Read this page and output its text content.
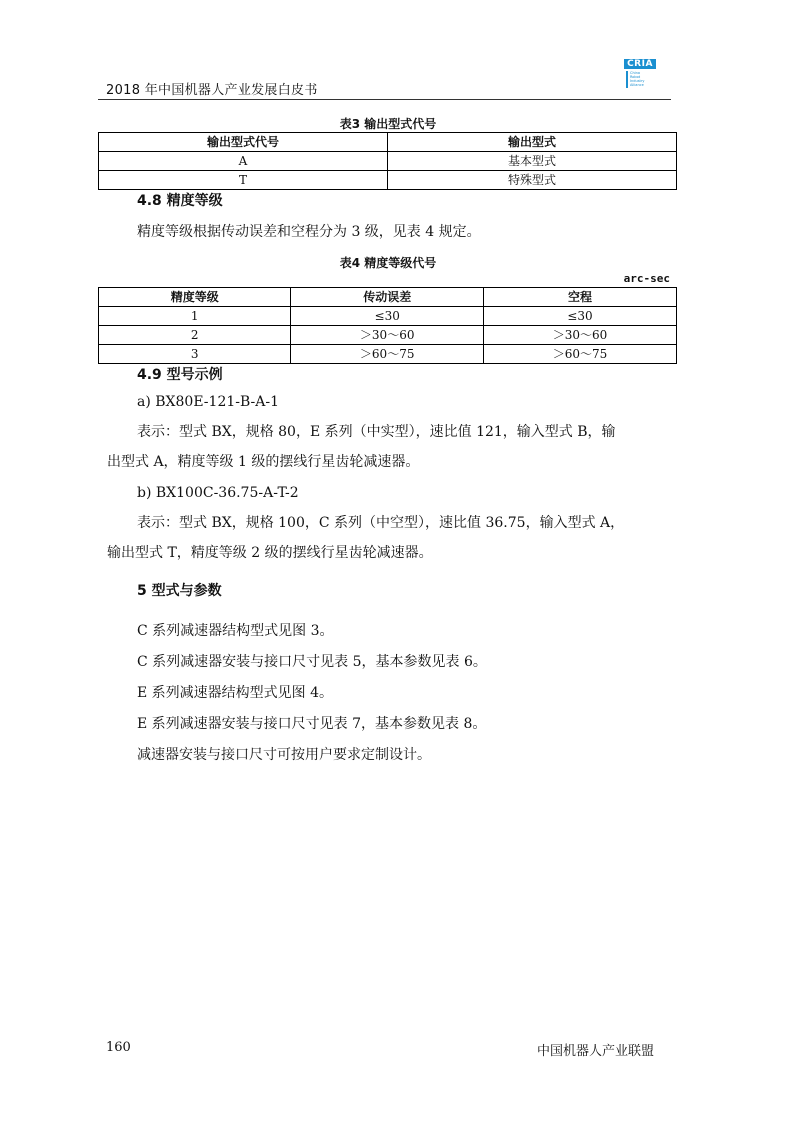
2018 年中国机器人产业发展白皮书
CRIA
China
Robot
Industry
Alliance
表3 输出型式代号
输出型式代号	输出型式
A	基本型式
T	特殊型式
4.8 精度等级
精度等级根据传动误差和空程分为 3 级，见表 4 规定。
表4 精度等级代号
arc-sec
精度等级	传动误差	空程
1	≤30	≤30
2	＞30～60	＞30～60
3	＞60～75	＞60～75
4.9 型号示例
a) BX80E-121-B-A-1
表示：型式 BX，规格 80，E 系列（中实型），速比值 121，输入型式 B，输
出型式 A，精度等级 1 级的摆线行星齿轮减速器。
b) BX100C-36.75-A-T-2
表示：型式 BX，规格 100，C 系列（中空型），速比值 36.75，输入型式 A，
输出型式 T，精度等级 2 级的摆线行星齿轮减速器。
5 型式与参数
C 系列减速器结构型式见图 3。
C 系列减速器安装与接口尺寸见表 5，基本参数见表 6。
E 系列减速器结构型式见图 4。
E 系列减速器安装与接口尺寸见表 7，基本参数见表 8。
减速器安装与接口尺寸可按用户要求定制设计。
160	中国机器人产业联盟
